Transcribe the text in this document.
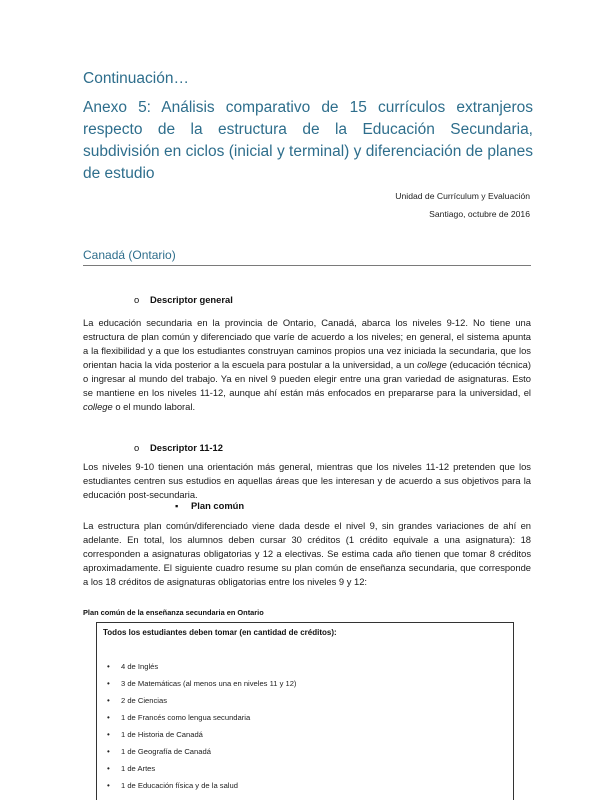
Continuación…
Anexo 5: Análisis comparativo de 15 currículos extranjeros respecto de la estructura de la Educación Secundaria, subdivisión en ciclos (inicial y terminal) y diferenciación de planes de estudio
Unidad de Currículum y Evaluación
Santiago, octubre de 2016
Canadá (Ontario)
o Descriptor general
La educación secundaria en la provincia de Ontario, Canadá, abarca los niveles 9-12. No tiene una estructura de plan común y diferenciado que varíe de acuerdo a los niveles; en general, el sistema apunta a la flexibilidad y a que los estudiantes construyan caminos propios una vez iniciada la secundaria, que los orientan hacia la vida posterior a la escuela para postular a la universidad, a un college (educación técnica) o ingresar al mundo del trabajo. Ya en nivel 9 pueden elegir entre una gran variedad de asignaturas. Esto se mantiene en los niveles 11-12, aunque ahí están más enfocados en prepararse para la universidad, el college o el mundo laboral.
o Descriptor 11-12
Los niveles 9-10 tienen una orientación más general, mientras que los niveles 11-12 pretenden que los estudiantes centren sus estudios en aquellas áreas que les interesan y de acuerdo a sus objetivos para la educación post-secundaria.
▪ Plan común
La estructura plan común/diferenciado viene dada desde el nivel 9, sin grandes variaciones de ahí en adelante. En total, los alumnos deben cursar 30 créditos (1 crédito equivale a una asignatura): 18 corresponden a asignaturas obligatorias y 12 a electivas. Se estima cada año tienen que tomar 8 créditos aproximadamente. El siguiente cuadro resume su plan común de enseñanza secundaria, que corresponde a los 18 créditos de asignaturas obligatorias entre los niveles 9 y 12:
Plan común de la enseñanza secundaria en Ontario
Todos los estudiantes deben tomar (en cantidad de créditos):
• 4 de Inglés
• 3 de Matemáticas (al menos una en niveles 11 y 12)
• 2 de Ciencias
• 1 de Francés como lengua secundaria
• 1 de Historia de Canadá
• 1 de Geografía de Canadá
• 1 de Artes
• 1 de Educación física y de la salud
